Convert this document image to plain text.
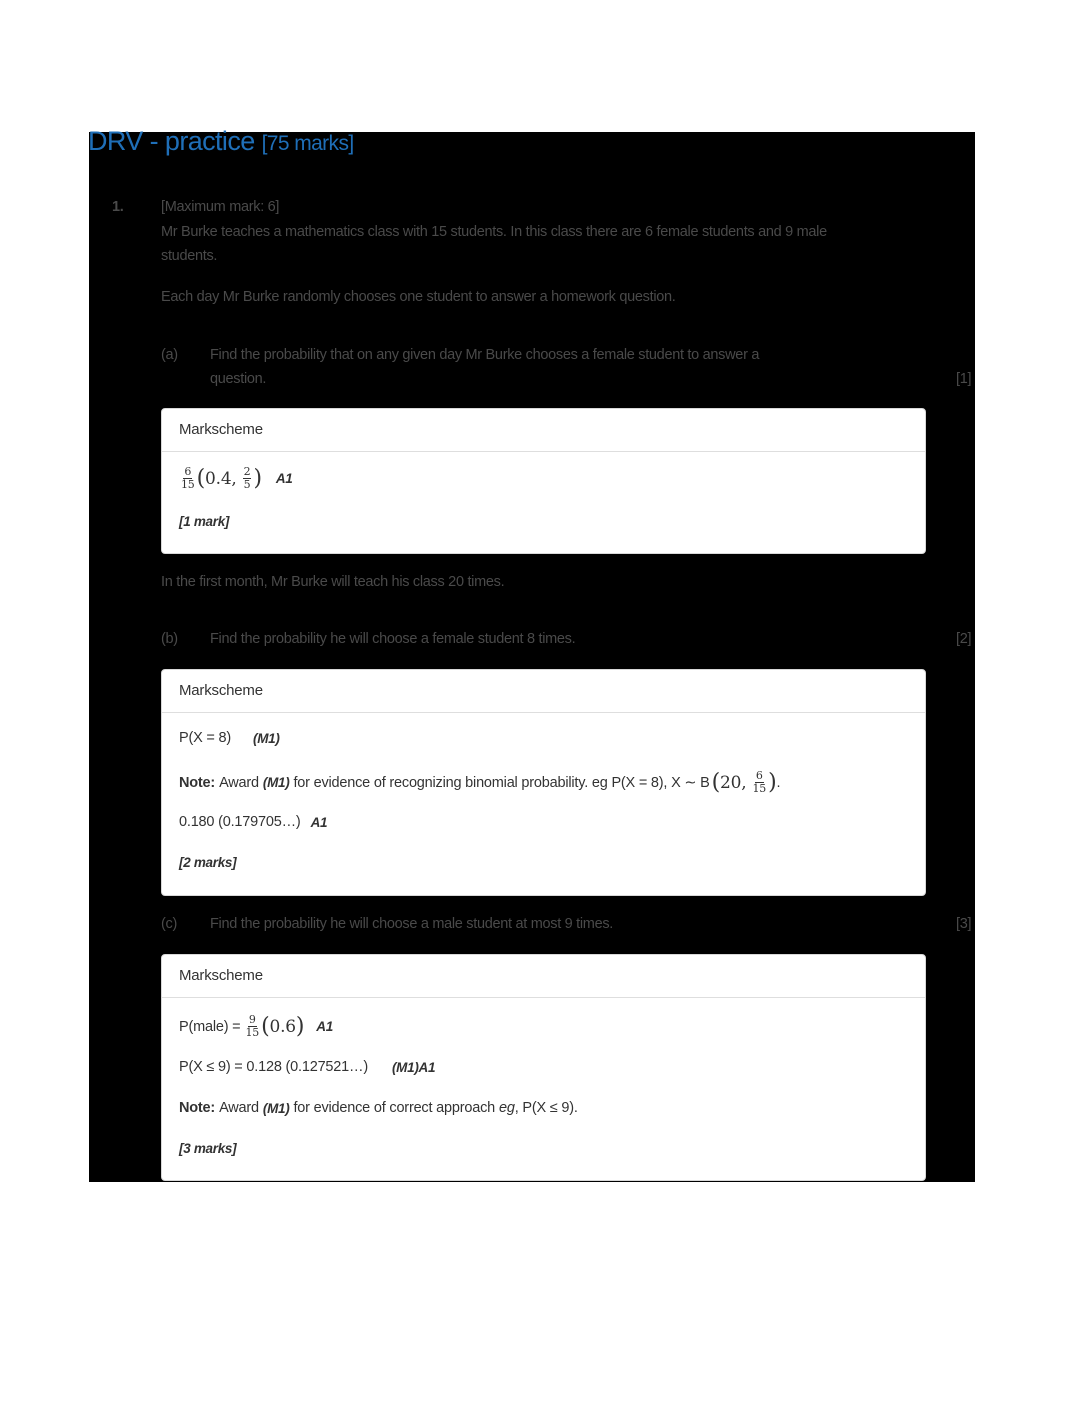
DRV - practice [75 marks]
1.	[Maximum mark: 6]
Mr Burke teaches a mathematics class with 15 students. In this class there are 6 female students and 9 male
students.
Each day Mr Burke randomly chooses one student to answer a homework question.
(a) Find the probability that on any given day Mr Burke chooses a female student to answer a
question.	[1]
Markscheme
$\frac{6}{15}$ ( 0.4, $\frac{2}{5}$ ) A1
[1 mark]
In the first month, Mr Burke will teach his class 20 times.
(b) Find the probability he will choose a female student 8 times.	[2]
Markscheme
P(X = 8) (M1)
Note: Award (M1) for evidence of recognizing binomial probability. eg P(X = 8), X ∼ B ( 20, $\frac{6}{15}$ ) .
0.180 (0.179705…) A1
[2 marks]
(c) Find the probability he will choose a male student at most 9 times.	[3]
Markscheme
P(male) = $\frac{9}{15}$ ( 0.6 ) A1
P(X ≤ 9) = 0.128 (0.127521…) (M1)A1
Note: Award (M1) for evidence of correct approach eg , P(X ≤ 9).
[3 marks]
